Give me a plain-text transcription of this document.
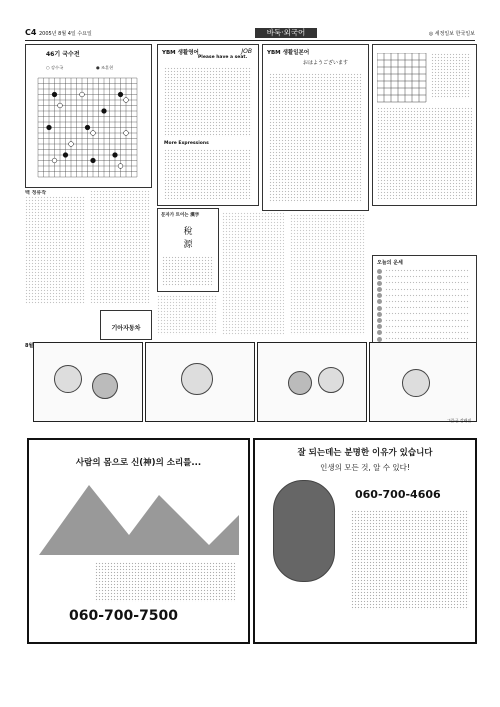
C4 2005년 8월 4일 수요일	바둑·외국어	◎ 세정일보 한국일보
46기 국수전
○ 강수국	● 조훈현
백 정류작
YBM 생활영어
Please have a seat.
JOB
More Expressions
YBM 생활일본어
おはようございます
문자가 트이는 漢字
稅
源
오늘의 운세
기아자동차
8월
그림·글 강태진
사람의 몸으로 신(神)의 소리를...
060-700-7500
잘 되는데는 분명한 이유가 있습니다
인생의 모든 것, 알 수 있다!
060-700-4606
